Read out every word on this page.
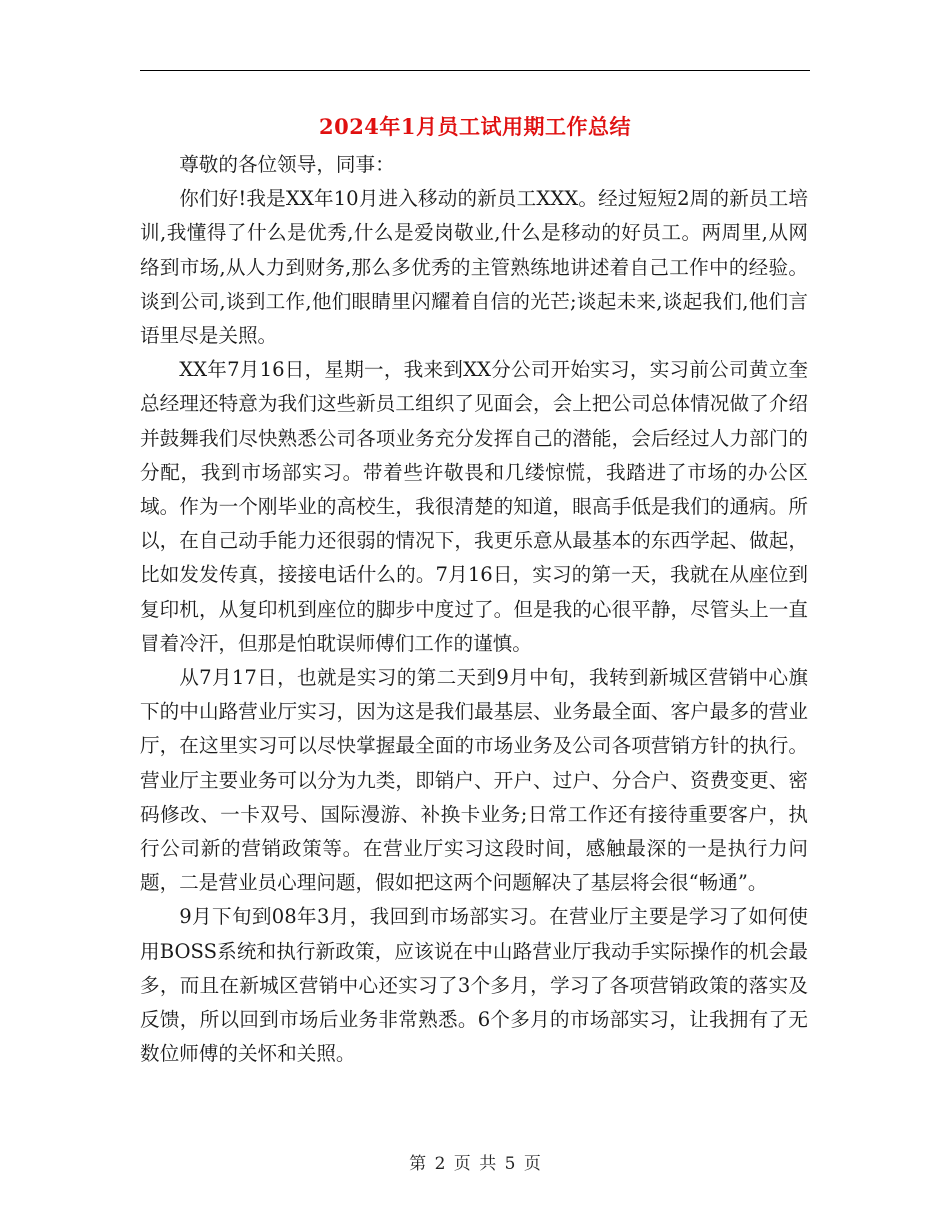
2024年1月员工试用期工作总结

尊敬的各位领导，同事：

你们好!我是XX年10月进入移动的新员工XXX。经过短短2周的新员工培训,我懂得了什么是优秀,什么是爱岗敬业,什么是移动的好员工。两周里,从网络到市场,从人力到财务,那么多优秀的主管熟练地讲述着自己工作中的经验。谈到公司,谈到工作,他们眼睛里闪耀着自信的光芒;谈起未来,谈起我们,他们言语里尽是关照。

XX年7月16日，星期一，我来到XX分公司开始实习，实习前公司黄立奎总经理还特意为我们这些新员工组织了见面会，会上把公司总体情况做了介绍并鼓舞我们尽快熟悉公司各项业务充分发挥自己的潜能，会后经过人力部门的分配，我到市场部实习。带着些许敬畏和几缕惊慌，我踏进了市场的办公区域。作为一个刚毕业的高校生，我很清楚的知道，眼高手低是我们的通病。所以，在自己动手能力还很弱的情况下，我更乐意从最基本的东西学起、做起，比如发发传真，接接电话什么的。7月16日，实习的第一天，我就在从座位到复印机，从复印机到座位的脚步中度过了。但是我的心很平静，尽管头上一直冒着冷汗，但那是怕耽误师傅们工作的谨慎。

从7月17日，也就是实习的第二天到9月中旬，我转到新城区营销中心旗下的中山路营业厅实习，因为这是我们最基层、业务最全面、客户最多的营业厅，在这里实习可以尽快掌握最全面的市场业务及公司各项营销方针的执行。营业厅主要业务可以分为九类，即销户、开户、过户、分合户、资费变更、密码修改、一卡双号、国际漫游、补换卡业务;日常工作还有接待重要客户，执行公司新的营销政策等。在营业厅实习这段时间，感触最深的一是执行力问题，二是营业员心理问题，假如把这两个问题解决了基层将会很“畅通”。

9月下旬到08年3月，我回到市场部实习。在营业厅主要是学习了如何使用BOSS系统和执行新政策，应该说在中山路营业厅我动手实际操作的机会最多，而且在新城区营销中心还实习了3个多月，学习了各项营销政策的落实及反馈，所以回到市场后业务非常熟悉。6个多月的市场部实习，让我拥有了无数位师傅的关怀和关照。

第 2 页 共 5 页
